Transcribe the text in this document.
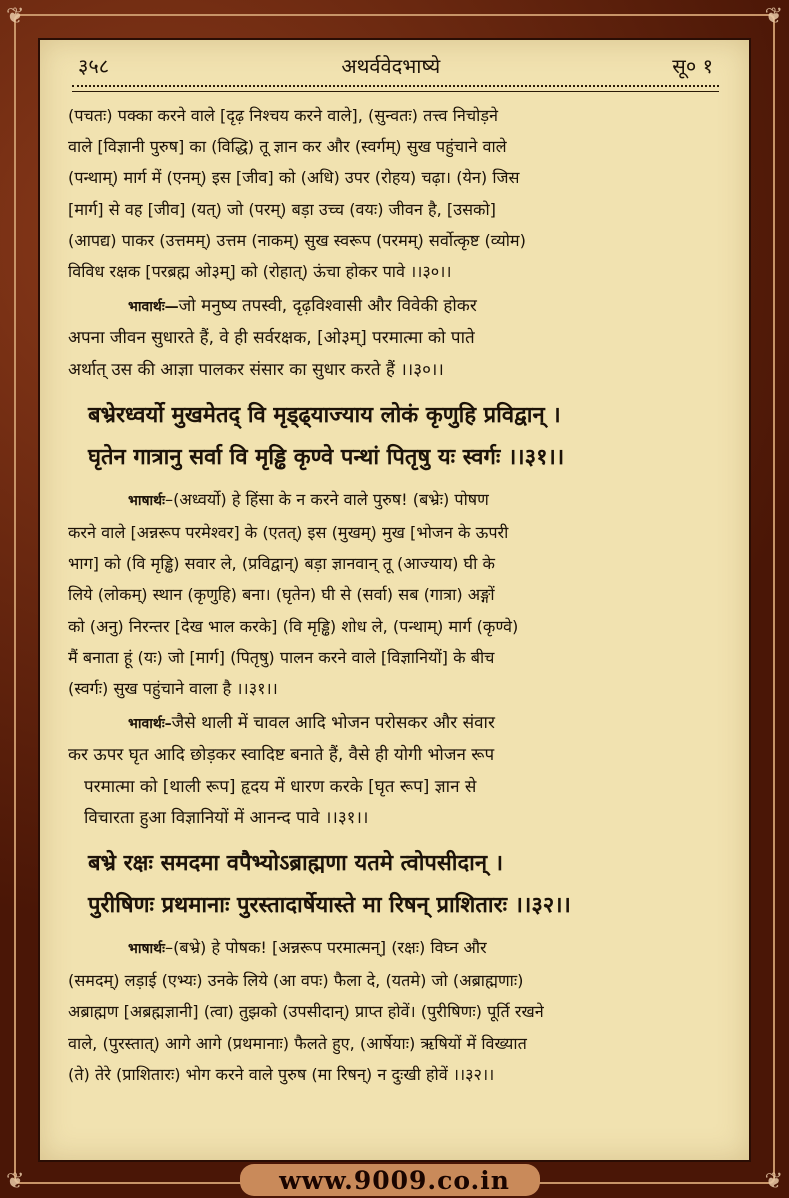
❦	❦
❦	❦
३५८	अथर्ववेदभाष्ये	सू० १
(पचतः) पक्का करने वाले [दृढ़ निश्चय करने वाले], (सुन्वतः) तत्त्व निचोड़ने
वाले [विज्ञानी पुरुष] का (विद्धि) तू ज्ञान कर और (स्वर्गम्) सुख पहुंचाने वाले
(पन्थाम्) मार्ग में (एनम्) इस [जीव] को (अधि) उपर (रोहय) चढ़ा। (येन) जिस
[मार्ग] से वह [जीव] (यत्) जो (परम्) बड़ा उच्च (वयः) जीवन है, [उसको]
(आपद्य) पाकर (उत्तमम्) उत्तम (नाकम्) सुख स्वरूप (परमम्) सर्वोत्कृष्ट (व्योम)
विविध रक्षक [परब्रह्म ओ३म्] को (रोहात्) ऊंचा होकर पावे ।।३०।।
भावार्थः—जो मनुष्य तपस्वी, दृढ़विश्वासी और विवेकी होकर
अपना जीवन सुधारते हैं, वे ही सर्वरक्षक, [ओ३म्] परमात्मा को पाते
अर्थात् उस की आज्ञा पालकर संसार का सुधार करते हैं ।।३०।।
बभ्रेरध्वर्यो मुखमेतद् वि मृड्ढ्याज्याय लोकं कृणुहि प्रविद्वान् ।
घृतेन गात्रानु सर्वा वि मृड्ढि कृण्वे पन्थां पितृषु यः स्वर्गः ।।३१।।
भाषार्थः–(अध्वर्यो) हे हिंसा के न करने वाले पुरुष! (बभ्रेः) पोषण
करने वाले [अन्नरूप परमेश्वर] के (एतत्) इस (मुखम्) मुख [भोजन के ऊपरी
भाग] को (वि मृड्ढि) सवार ले, (प्रविद्वान्) बड़ा ज्ञानवान् तू (आज्याय) घी के
लिये (लोकम्) स्थान (कृणुहि) बना। (घृतेन) घी से (सर्वा) सब (गात्रा) अङ्गों
को (अनु) निरन्तर [देख भाल करके] (वि मृड्ढि) शोध ले, (पन्थाम्) मार्ग (कृण्वे)
मैं बनाता हूं (यः) जो [मार्ग] (पितृषु) पालन करने वाले [विज्ञानियों] के बीच
(स्वर्गः) सुख पहुंचाने वाला है ।।३१।।
भावार्थः–जैसे थाली में चावल आदि भोजन परोसकर और संवार
कर ऊपर घृत आदि छोड़कर स्वादिष्ट बनाते हैं, वैसे ही योगी भोजन रूप
परमात्मा को [थाली रूप] हृदय में धारण करके [घृत रूप] ज्ञान से
विचारता हुआ विज्ञानियों में आनन्द पावे ।।३१।।
बभ्रे रक्षः समदमा वपैभ्योऽब्राह्मणा यतमे त्वोपसीदान् ।
पुरीषिणः प्रथमानाः पुरस्तादार्षेयास्ते मा रिषन् प्राशितारः ।।३२।।
भाषार्थः–(बभ्रे) हे पोषक! [अन्नरूप परमात्मन्] (रक्षः) विघ्न और
(समदम्) लड़ाई (एभ्यः) उनके लिये (आ वपः) फैला दे, (यतमे) जो (अब्राह्मणाः)
अब्राह्मण [अब्रह्मज्ञानी] (त्वा) तुझको (उपसीदान्) प्राप्त होवें। (पुरीषिणः) पूर्ति रखने
वाले, (पुरस्तात्) आगे आगे (प्रथमानाः) फैलते हुए, (आर्षेयाः) ऋषियों में विख्यात
(ते) तेरे (प्राशितारः) भोग करने वाले पुरुष (मा रिषन्) न दुःखी होवें ।।३२।।
www.9009.co.in
